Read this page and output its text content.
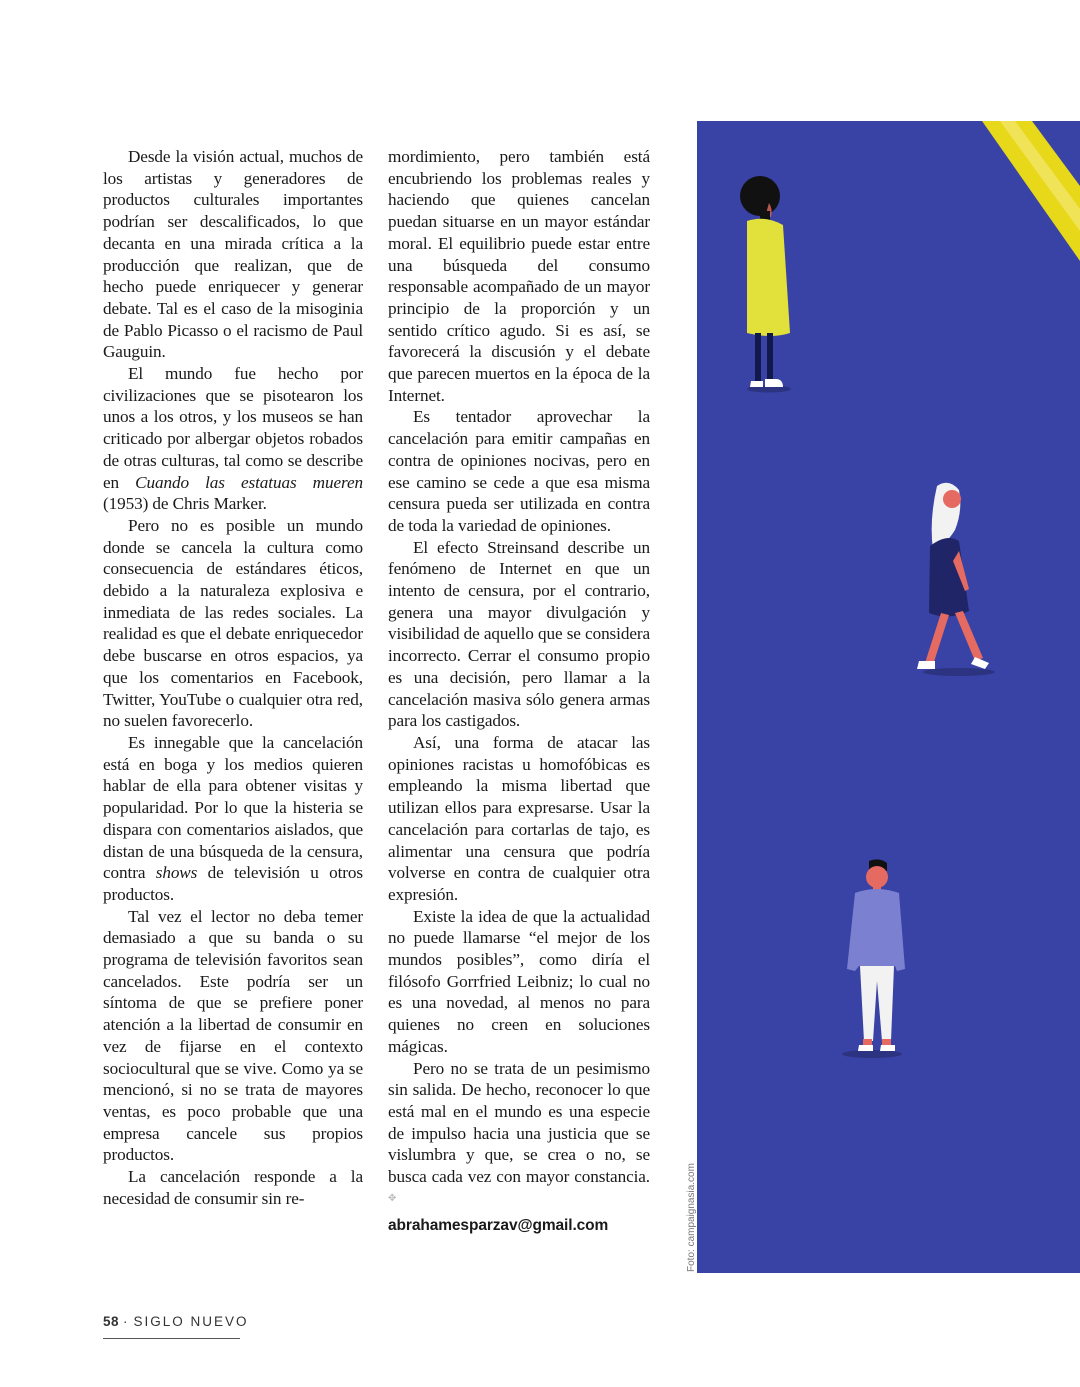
Desde la visión actual, muchos de los artistas y generadores de productos culturales importantes podrían ser descalificados, lo que decanta en una mirada crítica a la producción que realizan, que de hecho puede enriquecer y generar debate. Tal es el caso de la misoginia de Pablo Picasso o el racismo de Paul Gauguin.

El mundo fue hecho por civilizaciones que se pisotearon los unos a los otros, y los museos se han criticado por albergar objetos robados de otras culturas, tal como se describe en Cuando las estatuas mueren (1953) de Chris Marker.

Pero no es posible un mundo donde se cancela la cultura como consecuencia de estándares éticos, debido a la naturaleza explosiva e inmediata de las redes sociales. La realidad es que el debate enriquecedor debe buscarse en otros espacios, ya que los comentarios en Facebook, Twitter, YouTube o cualquier otra red, no suelen favorecerlo.

Es innegable que la cancelación está en boga y los medios quieren hablar de ella para obtener visitas y popularidad. Por lo que la histeria se dispara con comentarios aislados, que distan de una búsqueda de la censura, contra shows de televisión u otros productos.

Tal vez el lector no deba temer demasiado a que su banda o su programa de televisión favoritos sean cancelados. Este podría ser un síntoma de que se prefiere poner atención a la libertad de consumir en vez de fijarse en el contexto sociocultural que se vive. Como ya se mencionó, si no se trata de mayores ventas, es poco probable que una empresa cancele sus propios productos.

La cancelación responde a la necesidad de consumir sin re-

mordimiento, pero también está encubriendo los problemas reales y haciendo que quienes cancelan puedan situarse en un mayor estándar moral. El equilibrio puede estar entre una búsqueda del consumo responsable acompañado de un mayor principio de la proporción y un sentido crítico agudo. Si es así, se favorecerá la discusión y el debate que parecen muertos en la época de la Internet.

Es tentador aprovechar la cancelación para emitir campañas en contra de opiniones nocivas, pero en ese camino se cede a que esa misma censura pueda ser utilizada en contra de toda la variedad de opiniones.

El efecto Streinsand describe un fenómeno de Internet en que un intento de censura, por el contrario, genera una mayor divulgación y visibilidad de aquello que se considera incorrecto. Cerrar el consumo propio es una decisión, pero llamar a la cancelación masiva sólo genera armas para los castigados.

Así, una forma de atacar las opiniones racistas u homofóbicas es empleando la misma libertad que utilizan ellos para expresarse. Usar la cancelación para cortarlas de tajo, es alimentar una censura que podría volverse en contra de cualquier otra expresión.

Existe la idea de que la actualidad no puede llamarse “el mejor de los mundos posibles”, como diría el filósofo Gorrfried Leibniz; lo cual no es una novedad, al menos no para quienes no creen en soluciones mágicas.

Pero no se trata de un pesimismo sin salida. De hecho, reconocer lo que está mal en el mundo es una especie de impulso hacia una justicia que se vislumbra y que, se crea o no, se busca cada vez con mayor constancia. ✥

abrahamesparzav@gmail.com	Foto: campaignasia.com
58 · SIGLO NUEVO
